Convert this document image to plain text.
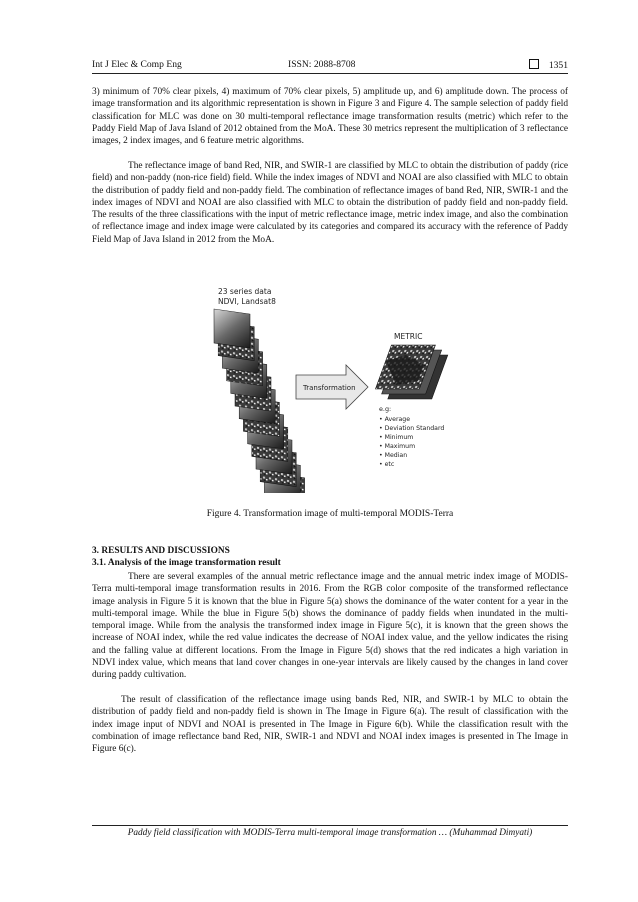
Int J Elec & Comp Eng	ISSN: 2088-8708	1351

3) minimum of 70% clear pixels, 4) maximum of 70% clear pixels, 5) amplitude up, and 6) amplitude down. The process of image transformation and its algorithmic representation is shown in Figure 3 and Figure 4. The sample selection of paddy field classification for MLC was done on 30 multi-temporal reflectance image transformation results (metric) which refer to the Paddy Field Map of Java Island of 2012 obtained from the MoA. These 30 metrics represent the multiplication of 3 reflectance images, 2 index images, and 6 feature metric algorithms.

The reflectance image of band Red, NIR, and SWIR-1 are classified by MLC to obtain the distribution of paddy (rice field) and non-paddy (non-rice field) field. While the index images of NDVI and NOAI are also classified with MLC to obtain the distribution of paddy field and non-paddy field. The combination of reflectance images of band Red, NIR, SWIR-1 and the index images of NDVI and NOAI are also classified with MLC to obtain the distribution of paddy field and non-paddy field. The results of the three classifications with the input of metric reflectance image, metric index image, and also the combination of reflectance image and index image were calculated by its categories and compared its accuracy with the reference of Paddy Field Map of Java Island in 2012 from the MoA.

23 series data
NDVI, Landsat8
Transformation
METRIC
e.g:
• Average
• Deviation Standard
• Minimum
• Maximum
• Median
• etc
Figure 4. Transformation image of multi-temporal MODIS-Terra
3. RESULTS AND DISCUSSIONS
3.1. Analysis of the image transformation result

There are several examples of the annual metric reflectance image and the annual metric index image of MODIS-Terra multi-temporal image transformation results in 2016. From the RGB color composite of the transformed reflectance image analysis in Figure 5 it is known that the blue in Figure 5(a) shows the dominance of the water content for a year in the multi-temporal image. While the blue in Figure 5(b) shows the dominance of paddy fields when inundated in the multi-temporal image. While from the analysis the transformed index image in Figure 5(c), it is known that the green shows the increase of NOAI index, while the red value indicates the decrease of NOAI index value, and the yellow indicates the rising and the falling value at different locations. From the Image in Figure 5(d) shows that the red indicates a high variation in NDVI index value, which means that land cover changes in one-year intervals are likely caused by the changes in land cover during paddy cultivation.

The result of classification of the reflectance image using bands Red, NIR, and SWIR-1 by MLC to obtain the distribution of paddy field and non-paddy field is shown in The Image in Figure 6(a). The result of classification with the index image input of NDVI and NOAI is presented in The Image in Figure 6(b). While the classification result with the combination of image reflectance band Red, NIR, SWIR-1 and NDVI and NOAI index images is presented in The Image in Figure 6(c).

Paddy field classification with MODIS-Terra multi-temporal image transformation … (Muhammad Dimyati)
